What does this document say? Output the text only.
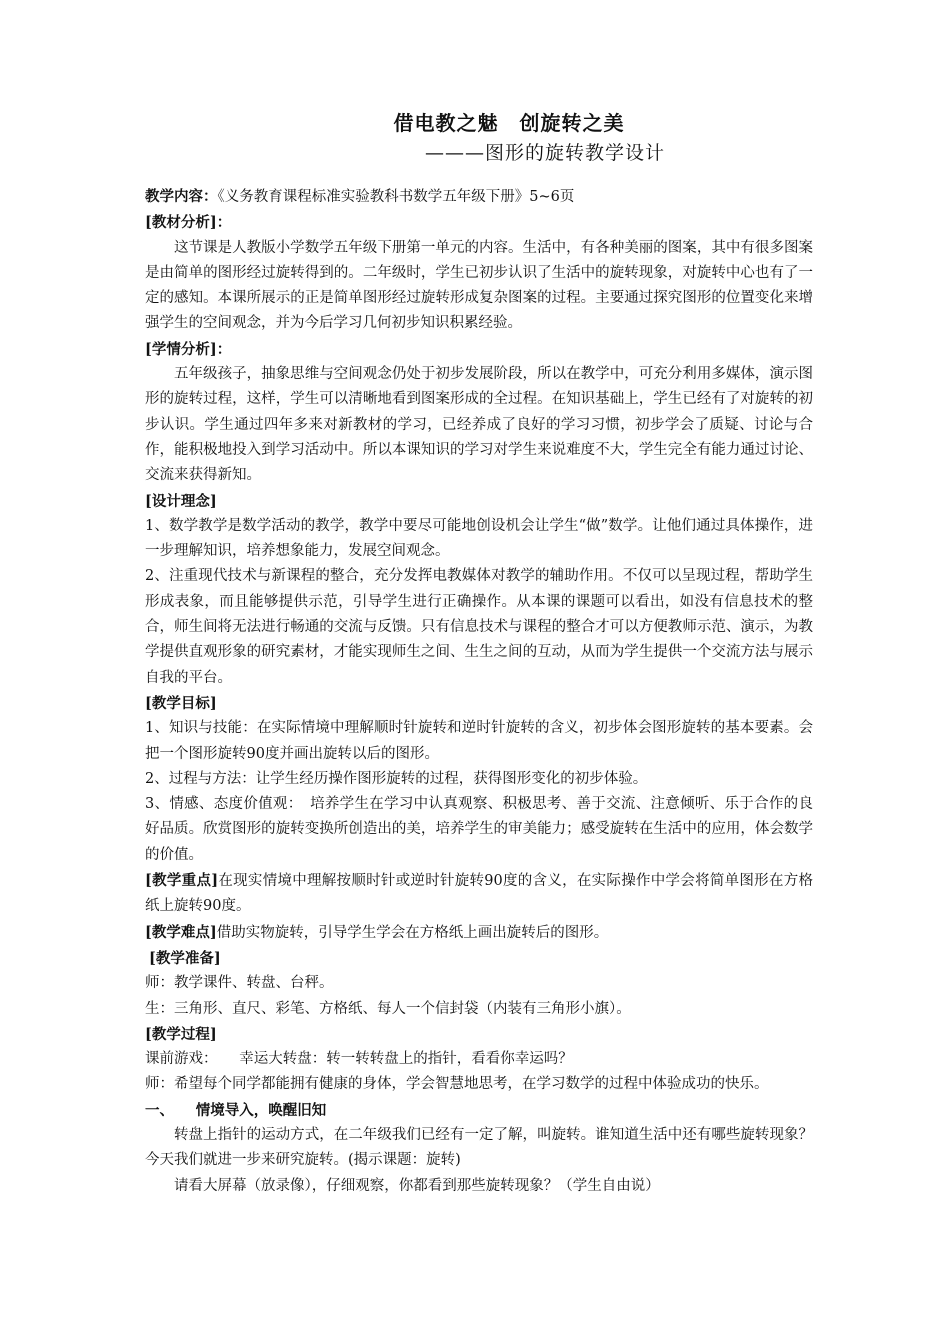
借电教之魅　创旋转之美
———图形的旋转教学设计

教学内容：《义务教育课程标准实验教科书数学五年级下册》5~6页

[教材分析]：

这节课是人教版小学数学五年级下册第一单元的内容。生活中，有各种美丽的图案，其中有很多图案是由简单的图形经过旋转得到的。二年级时，学生已初步认识了生活中的旋转现象，对旋转中心也有了一定的感知。本课所展示的正是简单图形经过旋转形成复杂图案的过程。主要通过探究图形的位置变化来增强学生的空间观念，并为今后学习几何初步知识积累经验。

[学情分析]：

五年级孩子，抽象思维与空间观念仍处于初步发展阶段，所以在教学中，可充分利用多媒体，演示图形的旋转过程，这样，学生可以清晰地看到图案形成的全过程。在知识基础上，学生已经有了对旋转的初步认识。学生通过四年多来对新教材的学习，已经养成了良好的学习习惯，初步学会了质疑、讨论与合作，能积极地投入到学习活动中。所以本课知识的学习对学生来说难度不大，学生完全有能力通过讨论、交流来获得新知。

[设计理念]

1、数学教学是数学活动的教学，教学中要尽可能地创设机会让学生“做”数学。让他们通过具体操作，进一步理解知识，培养想象能力，发展空间观念。

2、注重现代技术与新课程的整合，充分发挥电教媒体对教学的辅助作用。不仅可以呈现过程，帮助学生形成表象，而且能够提供示范，引导学生进行正确操作。从本课的课题可以看出，如没有信息技术的整合，师生间将无法进行畅通的交流与反馈。只有信息技术与课程的整合才可以方便教师示范、演示，为教学提供直观形象的研究素材，才能实现师生之间、生生之间的互动，从而为学生提供一个交流方法与展示自我的平台。

[教学目标]

1、知识与技能：在实际情境中理解顺时针旋转和逆时针旋转的含义，初步体会图形旋转的基本要素。会把一个图形旋转90度并画出旋转以后的图形。

2、过程与方法：让学生经历操作图形旋转的过程，获得图形变化的初步体验。

3、情感、态度价值观：　培养学生在学习中认真观察、积极思考、善于交流、注意倾听、乐于合作的良好品质。欣赏图形的旋转变换所创造出的美，培养学生的审美能力；感受旋转在生活中的应用，体会数学的价值。

[教学重点]在现实情境中理解按顺时针或逆时针旋转90度的含义，在实际操作中学会将简单图形在方格纸上旋转90度。

[教学难点]借助实物旋转，引导学生学会在方格纸上画出旋转后的图形。

[教学准备]

师：教学课件、转盘、台秤。

生：三角形、直尺、彩笔、方格纸、每人一个信封袋（内装有三角形小旗）。

[教学过程]

课前游戏：　　幸运大转盘：转一转转盘上的指针，看看你幸运吗？

师：希望每个同学都能拥有健康的身体，学会智慧地思考，在学习数学的过程中体验成功的快乐。

一、　　情境导入，唤醒旧知

转盘上指针的运动方式，在二年级我们已经有一定了解，叫旋转。谁知道生活中还有哪些旋转现象？今天我们就进一步来研究旋转。(揭示课题：旋转)

请看大屏幕（放录像），仔细观察，你都看到那些旋转现象？（学生自由说）
